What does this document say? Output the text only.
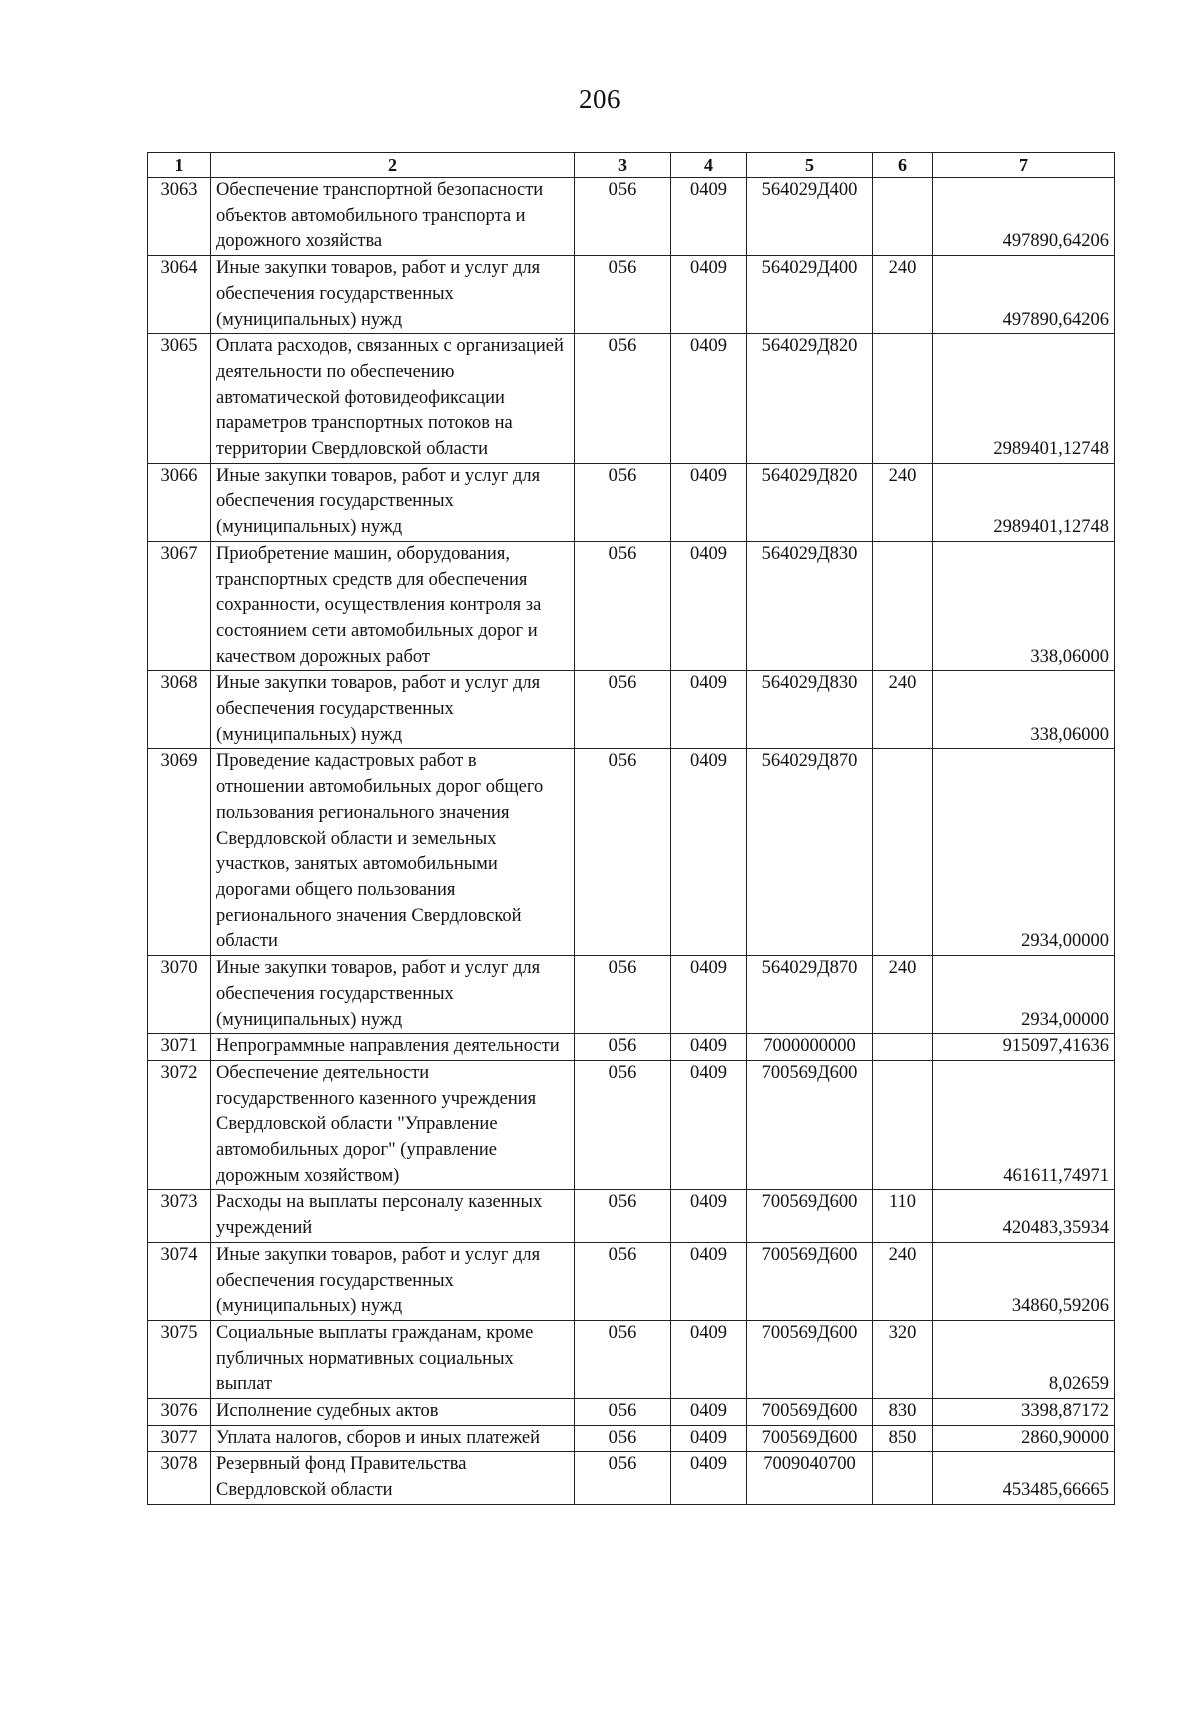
206
1	2	3	4	5	6	7
3063	Обеспечение транспортной безопасности объектов автомобильного транспорта и дорожного хозяйства	056	0409	564029Д400		497890,64206
3064	Иные закупки товаров, работ и услуг для обеспечения государственных (муниципальных) нужд	056	0409	564029Д400	240	497890,64206
3065	Оплата расходов, связанных с организацией деятельности по обеспечению автоматической фотовидеофиксации параметров транспортных потоков на территории Свердловской области	056	0409	564029Д820		2989401,12748
3066	Иные закупки товаров, работ и услуг для обеспечения государственных (муниципальных) нужд	056	0409	564029Д820	240	2989401,12748
3067	Приобретение машин, оборудования, транспортных средств для обеспечения сохранности, осуществления контроля за состоянием сети автомобильных дорог и качеством дорожных работ	056	0409	564029Д830		338,06000
3068	Иные закупки товаров, работ и услуг для обеспечения государственных (муниципальных) нужд	056	0409	564029Д830	240	338,06000
3069	Проведение кадастровых работ в отношении автомобильных дорог общего пользования регионального значения Свердловской области и земельных участков, занятых автомобильными дорогами общего пользования регионального значения Свердловской области	056	0409	564029Д870		2934,00000
3070	Иные закупки товаров, работ и услуг для обеспечения государственных (муниципальных) нужд	056	0409	564029Д870	240	2934,00000
3071	Непрограммные направления деятельности	056	0409	7000000000		915097,41636
3072	Обеспечение деятельности государственного казенного учреждения Свердловской области "Управление автомобильных дорог" (управление дорожным хозяйством)	056	0409	700569Д600		461611,74971
3073	Расходы на выплаты персоналу казенных учреждений	056	0409	700569Д600	110	420483,35934
3074	Иные закупки товаров, работ и услуг для обеспечения государственных (муниципальных) нужд	056	0409	700569Д600	240	34860,59206
3075	Социальные выплаты гражданам, кроме публичных нормативных социальных выплат	056	0409	700569Д600	320	8,02659
3076	Исполнение судебных актов	056	0409	700569Д600	830	3398,87172
3077	Уплата налогов, сборов и иных платежей	056	0409	700569Д600	850	2860,90000
3078	Резервный фонд Правительства Свердловской области	056	0409	7009040700		453485,66665
